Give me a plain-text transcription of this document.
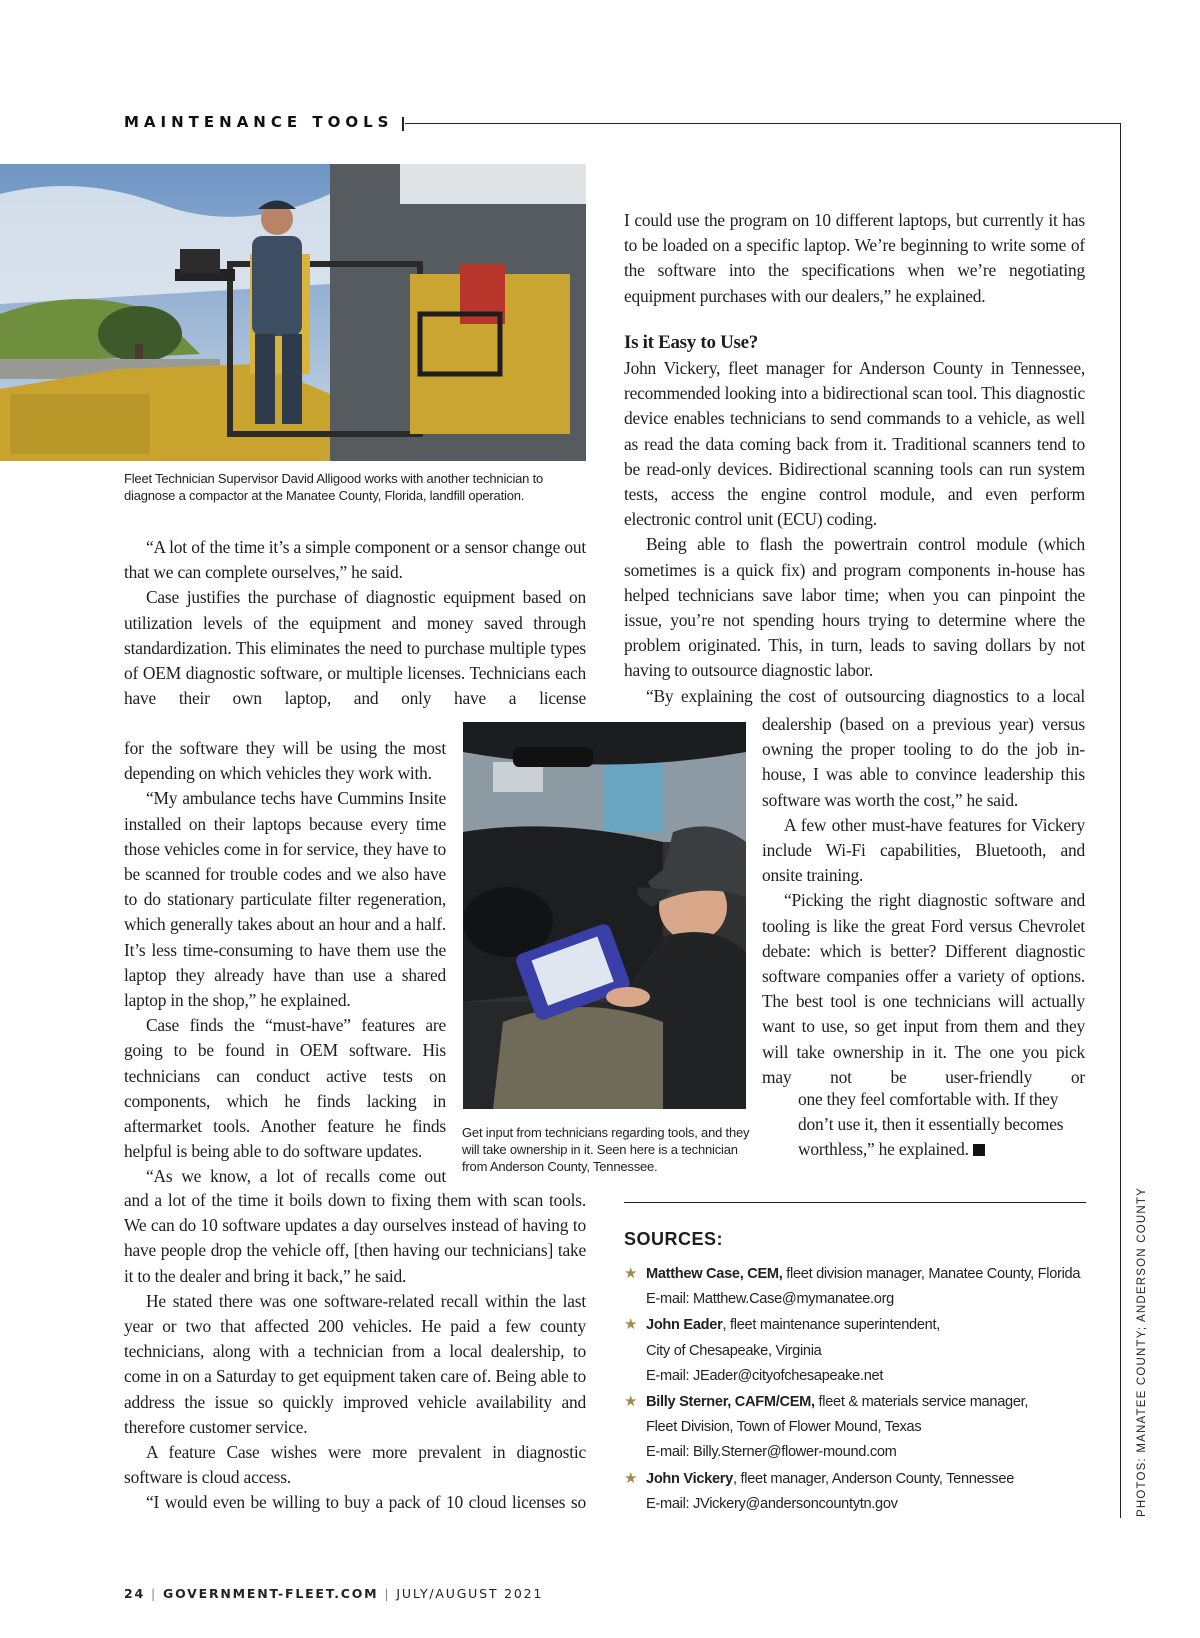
MAINTENANCE TOOLS
Fleet Technician Supervisor David Alligood works with another technician to diagnose a compactor at the Manatee County, Florida, landfill operation.

“A lot of the time it’s a simple component or a sensor change out that we can complete ourselves,” he said.

Case justifies the purchase of diagnostic equipment based on utilization levels of the equipment and money saved through standardization. This eliminates the need to purchase multiple types of OEM diagnostic software, or multiple licenses. Technicians each have their own laptop, and only have a license

for the software they will be using the most depending on which vehicles they work with.

“My ambulance techs have Cummins Insite installed on their laptops because every time those vehicles come in for service, they have to be scanned for trouble codes and we also have to do stationary particulate filter regeneration, which generally takes about an hour and a half. It’s less time-consuming to have them use the laptop they already have than use a shared laptop in the shop,” he explained.

Case finds the “must-have” features are going to be found in OEM software. His technicians can conduct active tests on components, which he finds lacking in aftermarket tools. Another feature he finds helpful is being able to do software updates.

“As we know, a lot of recalls come out

and a lot of the time it boils down to fixing them with scan tools. We can do 10 software updates a day ourselves instead of having to have people drop the vehicle off, [then having our technicians] take it to the dealer and bring it back,” he said.

He stated there was one software-related recall within the last year or two that affected 200 vehicles. He paid a few county technicians, along with a technician from a local dealership, to come in on a Saturday to get equipment taken care of. Being able to address the issue so quickly improved vehicle availability and therefore customer service.

A feature Case wishes were more prevalent in diagnostic software is cloud access.

“I would even be willing to buy a pack of 10 cloud licenses so

Get input from technicians regarding tools, and they will take ownership in it. Seen here is a technician from Anderson County, Tennessee.

I could use the program on 10 different laptops, but currently it has to be loaded on a specific laptop. We’re beginning to write some of the software into the specifications when we’re negotiating equipment purchases with our dealers,” he explained.

Is it Easy to Use?

John Vickery, fleet manager for Anderson County in Tennessee, recommended looking into a bidirectional scan tool. This diagnostic device enables technicians to send commands to a vehicle, as well as read the data coming back from it. Traditional scanners tend to be read-only devices. Bidirectional scanning tools can run system tests, access the engine control module, and even perform electronic control unit (ECU) coding.

Being able to flash the powertrain control module (which sometimes is a quick fix) and program components in-house has helped technicians save labor time; when you can pinpoint the issue, you’re not spending hours trying to determine where the problem originated. This, in turn, leads to saving dollars by not having to outsource diagnostic labor.

“By explaining the cost of outsourcing diagnostics to a local

dealership (based on a previous year) versus owning the proper tooling to do the job in-house, I was able to convince leadership this software was worth the cost,” he said.

A few other must-have features for Vickery include Wi-Fi capabilities, Bluetooth, and onsite training.

“Picking the right diagnostic software and tooling is like the great Ford versus Chevrolet debate: which is better? Different diagnostic software companies offer a variety of options. The best tool is one technicians will actually want to use, so get input from them and they will take ownership in it. The one you pick may not be user-friendly or

one they feel comfortable with. If they don’t use it, then it essentially becomes worthless,” he explained.

SOURCES:
★ Matthew Case, CEM, fleet division manager, Manatee County, Florida
E-mail: Matthew.Case@mymanatee.org
★ John Eader, fleet maintenance superintendent,
City of Chesapeake, Virginia
E-mail: JEader@cityofchesapeake.net
★ Billy Sterner, CAFM/CEM, fleet & materials service manager,
Fleet Division, Town of Flower Mound, Texas
E-mail: Billy.Sterner@flower-mound.com
★ John Vickery, fleet manager, Anderson County, Tennessee
E-mail: JVickery@andersoncountytn.gov	PHOTOS: MANATEE COUNTY; ANDERSON COUNTY
24 | GOVERNMENT-FLEET.COM | JULY/AUGUST 2021
